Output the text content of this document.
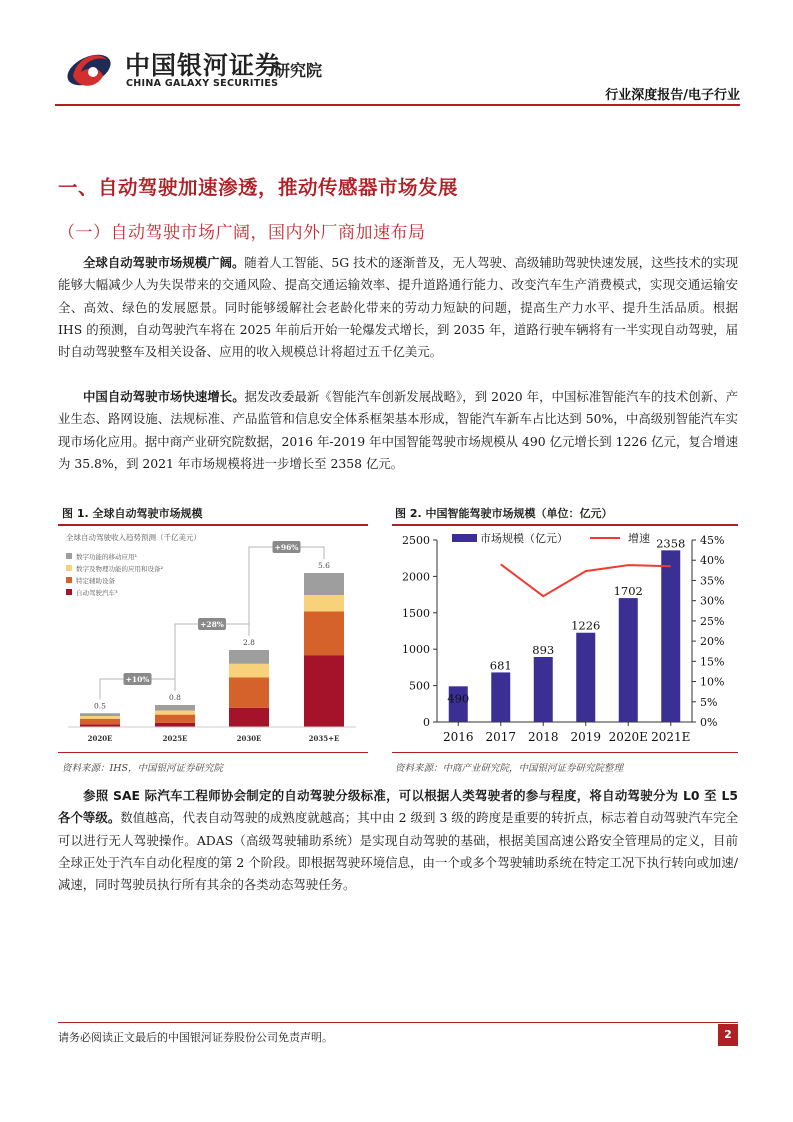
中国银河证券
CHINA GALAXY SECURITIES
研究院
行业深度报告/电子行业
一、自动驾驶加速渗透，推动传感器市场发展
（一）自动驾驶市场广阔，国内外厂商加速布局

全球自动驾驶市场规模广阔。随着人工智能、5G 技术的逐渐普及，无人驾驶、高级辅助驾驶快速发展，这些技术的实现能够大幅减少人为失误带来的交通风险、提高交通运输效率、提升道路通行能力、改变汽车生产消费模式，实现交通运输安全、高效、绿色的发展愿景。同时能够缓解社会老龄化带来的劳动力短缺的问题，提高生产力水平、提升生活品质。根据 IHS 的预测，自动驾驶汽车将在 2025 年前后开始一轮爆发式增长，到 2035 年，道路行驶车辆将有一半实现自动驾驶，届时自动驾驶整车及相关设备、应用的收入规模总计将超过五千亿美元。

中国自动驾驶市场快速增长。据发改委最新《智能汽车创新发展战略》，到 2020 年，中国标准智能汽车的技术创新、产业生态、路网设施、法规标准、产品监管和信息安全体系框架基本形成，智能汽车新车占比达到 50%，中高级别智能汽车实现市场化应用。据中商产业研究院数据，2016 年-2019 年中国智能驾驶市场规模从 490 亿元增长到 1226 亿元，复合增速为 35.8%，到 2021 年市场规模将进一步增长至 2358 亿元。

图 1. 全球自动驾驶市场规模
全球自动驾驶收入趋势预测（千亿美元）
数字功能的移动应用¹
数字及物理功能的应用和设备²
特定辅助设备
自动驾驶汽车³
0.5
2020E
0.8
2025E
2.8
2030E
5.6
2035+E
+10%
+28%
+96%
资料来源：IHS，中国银河证券研究院
图 2. 中国智能驾驶市场规模（单位：亿元）
0
500
1000
1500
2000
2500
0%
5%
10%
15%
20%
25%
30%
35%
40%
45%
490
2016
681
2017
893
2018
1226
2019
1702
2020E
2358
2021E
市场规模（亿元）	增速
资料来源：中商产业研究院，中国银河证券研究院整理

参照 SAE 际汽车工程师协会制定的自动驾驶分级标准，可以根据人类驾驶者的参与程度，将自动驾驶分为 L0 至 L5 各个等级。数值越高，代表自动驾驶的成熟度就越高；其中由 2 级到 3 级的跨度是重要的转折点，标志着自动驾驶汽车完全可以进行无人驾驶操作。ADAS（高级驾驶辅助系统）是实现自动驾驶的基础，根据美国高速公路安全管理局的定义，目前全球正处于汽车自动化程度的第 2 个阶段。即根据驾驶环境信息，由一个或多个驾驶辅助系统在特定工况下执行转向或加速/减速，同时驾驶员执行所有其余的各类动态驾驶任务。

请务必阅读正文最后的中国银河证券股份公司免责声明。	2
